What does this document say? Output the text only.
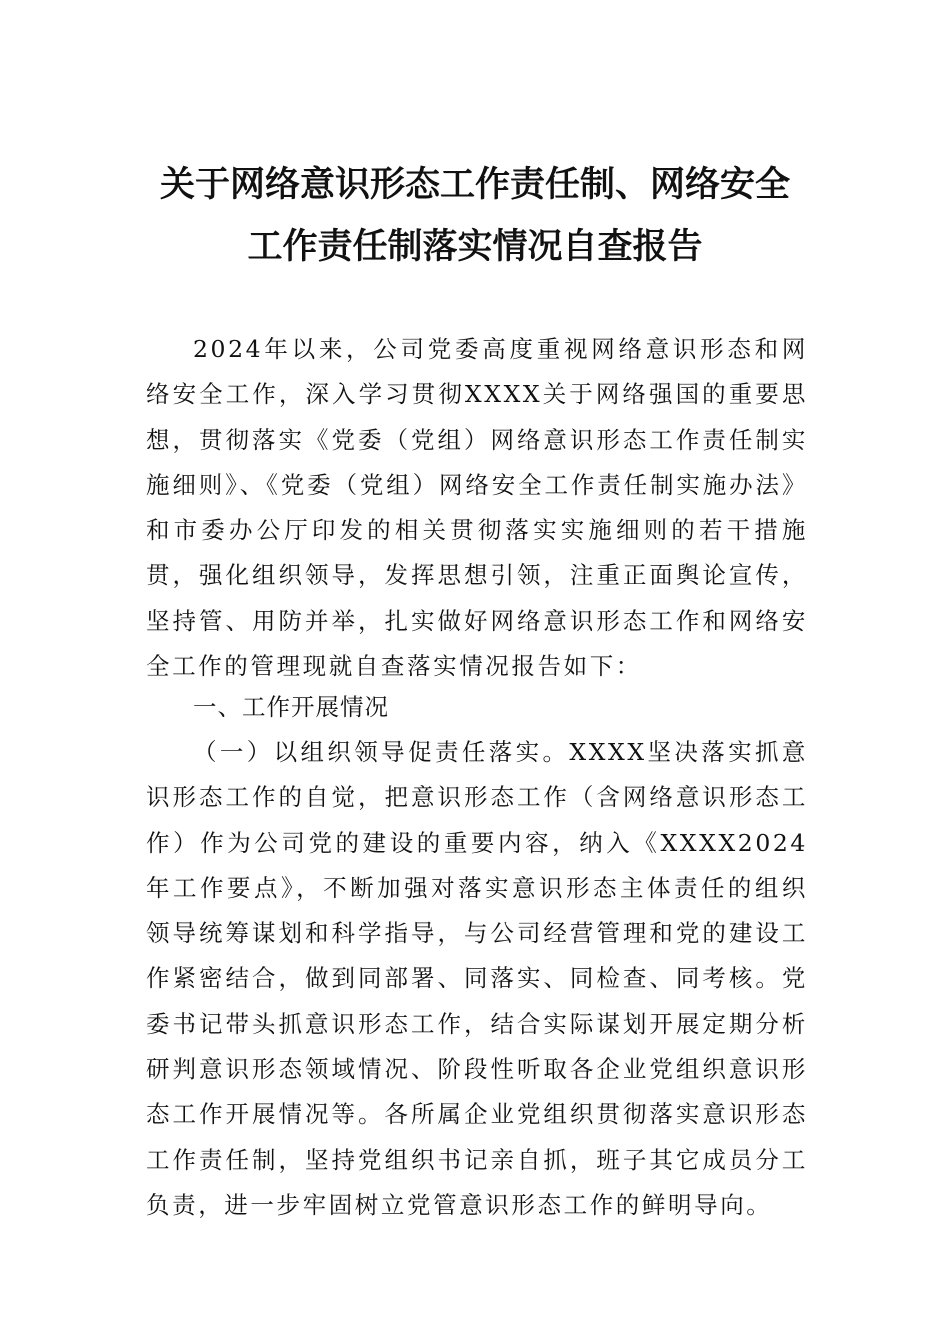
关于网络意识形态工作责任制、网络安全
工作责任制落实情况自查报告

2024年以来，公司党委高度重视网络意识形态和网络安全工作，深入学习贯彻XXXX关于网络强国的重要思想，贯彻落实《党委（党组）网络意识形态工作责任制实施细则》、《党委（党组）网络安全工作责任制实施办法》和市委办公厅印发的相关贯彻落实实施细则的若干措施贯，强化组织领导，发挥思想引领，注重正面舆论宣传，坚持管、用防并举，扎实做好网络意识形态工作和网络安全工作的管理现就自查落实情况报告如下：

一、工作开展情况

（一）以组织领导促责任落实。XXXX坚决落实抓意识形态工作的自觉，把意识形态工作（含网络意识形态工作）作为公司党的建设的重要内容，纳入《XXXX2024年工作要点》，不断加强对落实意识形态主体责任的组织领导统筹谋划和科学指导，与公司经营管理和党的建设工作紧密结合，做到同部署、同落实、同检查、同考核。党委书记带头抓意识形态工作，结合实际谋划开展定期分析研判意识形态领域情况、阶段性听取各企业党组织意识形态工作开展情况等。各所属企业党组织贯彻落实意识形态工作责任制，坚持党组织书记亲自抓，班子其它成员分工负责，进一步牢固树立党管意识形态工作的鲜明导向。
